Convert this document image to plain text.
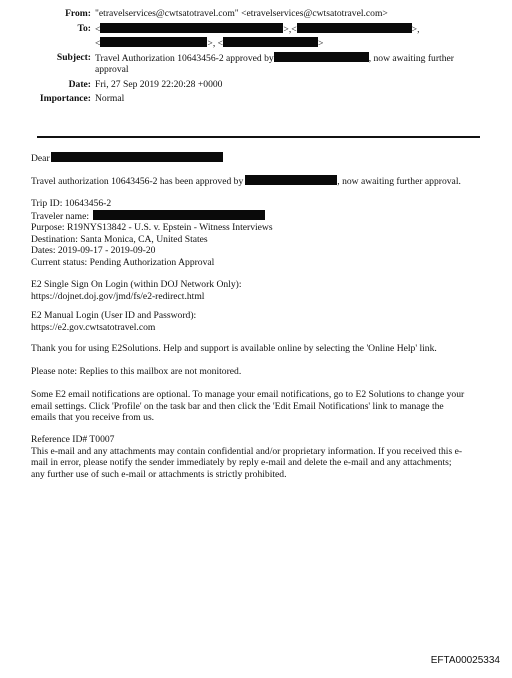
From: "etravelservices@cwtsatotravel.com" <etravelservices@cwtsatotravel.com>
To: <	>,<	>,
<	>, <	>
Subject: Travel Authorization 10643456-2 approved by	, now awaiting further
approval
Date: Fri, 27 Sep 2019 22:20:28 +0000
Importance: Normal
Dear
Travel authorization 10643456-2 has been approved by	, now awaiting further approval.
Trip ID: 10643456-2
Traveler name:
Purpose: R19NYS13842 - U.S. v. Epstein - Witness Interviews
Destination: Santa Monica, CA, United States
Dates: 2019-09-17 - 2019-09-20
Current status: Pending Authorization Approval
E2 Single Sign On Login (within DOJ Network Only):
https://dojnet.doj.gov/jmd/fs/e2-redirect.html
E2 Manual Login (User ID and Password):
https://e2.gov.cwtsatotravel.com
Thank you for using E2Solutions. Help and support is available online by selecting the 'Online Help' link.
Please note: Replies to this mailbox are not monitored.
Some E2 email notifications are optional. To manage your email notifications, go to E2 Solutions to change your
email settings. Click 'Profile' on the task bar and then click the 'Edit Email Notifications' link to manage the
emails that you receive from us.
Reference ID# T0007
This e-mail and any attachments may contain confidential and/or proprietary information. If you received this e-
mail in error, please notify the sender immediately by reply e-mail and delete the e-mail and any attachments;
any further use of such e-mail or attachments is strictly prohibited.
EFTA00025334
